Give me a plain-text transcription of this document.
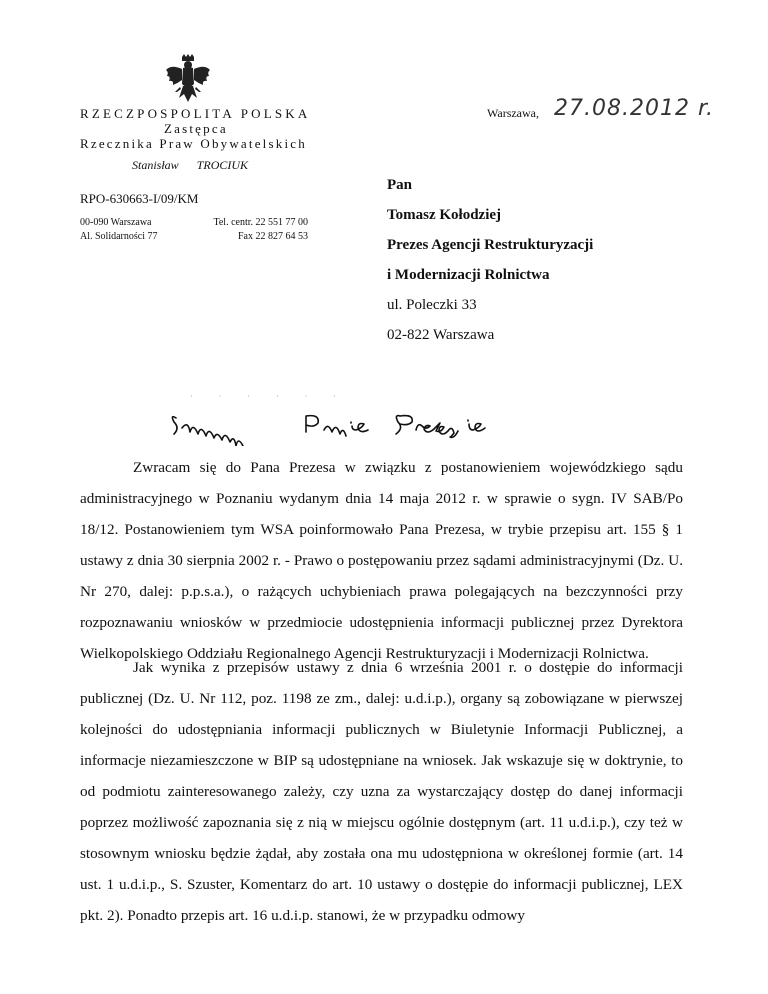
RZECZPOSPOLITA POLSKA
Zastępca
Rzecznika Praw Obywatelskich
Stanisław TROCIUK
RPO-630663-I/09/KM
00-090 Warszawa
Al. Solidarności 77
Tel. centr. 22 551 77 00
Fax 22 827 64 53
Warszawa, 27.08.2012 r.
Pan
Tomasz Kołodziej
Prezes Agencji Restrukturyzacji
i Modernizacji Rolnictwa
ul. Poleczki 33
02-822 Warszawa
· · · · · ·
Zwracam się do Pana Prezesa w związku z postanowieniem wojewódzkiego sądu administracyjnego w Poznaniu wydanym dnia 14 maja 2012 r. w sprawie o sygn. IV SAB/Po 18/12. Postanowieniem tym WSA poinformowało Pana Prezesa, w trybie przepisu art. 155 § 1 ustawy z dnia 30 sierpnia 2002 r. - Prawo o postępowaniu przez sądami administracyjnymi (Dz. U. Nr 270, dalej: p.p.s.a.), o rażących uchybieniach prawa polegających na bezczynności przy rozpoznawaniu wniosków w przedmiocie udostępnienia informacji publicznej przez Dyrektora Wielkopolskiego Oddziału Regionalnego Agencji Restrukturyzacji i Modernizacji Rolnictwa.
Jak wynika z przepisów ustawy z dnia 6 września 2001 r. o dostępie do informacji publicznej (Dz. U. Nr 112, poz. 1198 ze zm., dalej: u.d.i.p.), organy są zobowiązane w pierwszej kolejności do udostępniania informacji publicznych w Biuletynie Informacji Publicznej, a informacje niezamieszczone w BIP są udostępniane na wniosek. Jak wskazuje się w doktrynie, to od podmiotu zainteresowanego zależy, czy uzna za wystarczający dostęp do danej informacji poprzez możliwość zapoznania się z nią w miejscu ogólnie dostępnym (art. 11 u.d.i.p.), czy też w stosownym wniosku będzie żądał, aby została ona mu udostępniona w określonej formie (art. 14 ust. 1 u.d.i.p., S. Szuster, Komentarz do art. 10 ustawy o dostępie do informacji publicznej, LEX pkt. 2). Ponadto przepis art. 16 u.d.i.p. stanowi, że w przypadku odmowy
